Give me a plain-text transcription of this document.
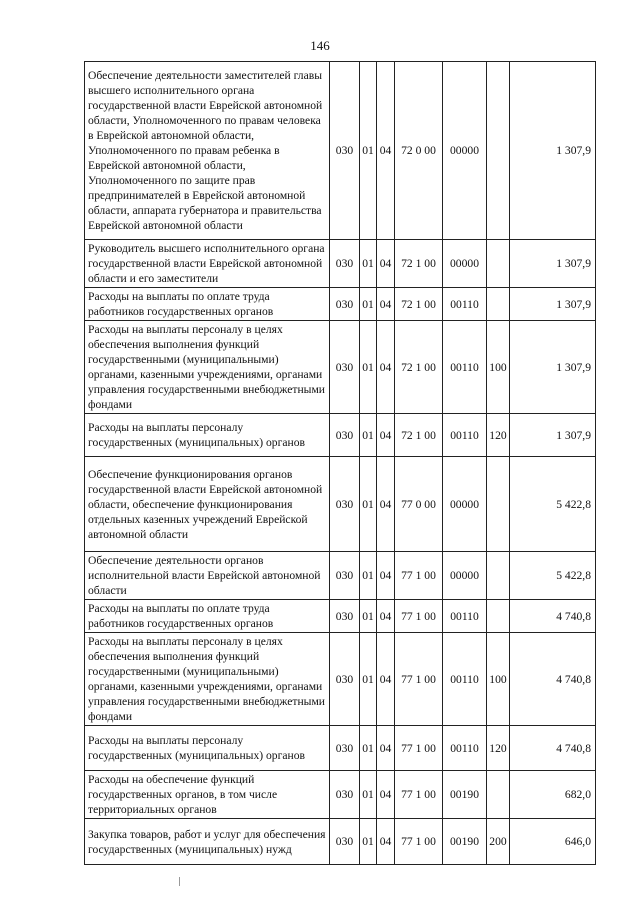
146
Обеспечение деятельности заместителей главы высшего исполнительного органа государственной власти Еврейской автономной области, Уполномоченного по правам человека в Еврейской автономной области, Уполномоченного по правам ребенка в Еврейской автономной области, Уполномоченного по защите прав предпринимателей в Еврейской автономной области, аппарата губернатора и правительства Еврейской автономной области	030	01	04	72 0 00	00000		1 307,9
Руководитель высшего исполнительного органа государственной власти Еврейской автономной области и его заместители	030	01	04	72 1 00	00000		1 307,9
Расходы на выплаты по оплате труда работников государственных органов	030	01	04	72 1 00	00110		1 307,9
Расходы на выплаты персоналу в целях обеспечения выполнения функций государственными (муниципальными) органами, казенными учреждениями, органами управления государственными внебюджетными фондами	030	01	04	72 1 00	00110	100	1 307,9
Расходы на выплаты персоналу государственных (муниципальных) органов	030	01	04	72 1 00	00110	120	1 307,9
Обеспечение функционирования органов государственной власти Еврейской автономной области, обеспечение функционирования отдельных казенных учреждений Еврейской автономной области	030	01	04	77 0 00	00000		5 422,8
Обеспечение деятельности органов исполнительной власти Еврейской автономной области	030	01	04	77 1 00	00000		5 422,8
Расходы на выплаты по оплате труда работников государственных органов	030	01	04	77 1 00	00110		4 740,8
Расходы на выплаты персоналу в целях обеспечения выполнения функций государственными (муниципальными) органами, казенными учреждениями, органами управления государственными внебюджетными фондами	030	01	04	77 1 00	00110	100	4 740,8
Расходы на выплаты персоналу государственных (муниципальных) органов	030	01	04	77 1 00	00110	120	4 740,8
Расходы на обеспечение функций государственных органов, в том числе территориальных органов	030	01	04	77 1 00	00190		682,0
Закупка товаров, работ и услуг для обеспечения государственных (муниципальных) нужд	030	01	04	77 1 00	00190	200	646,0
